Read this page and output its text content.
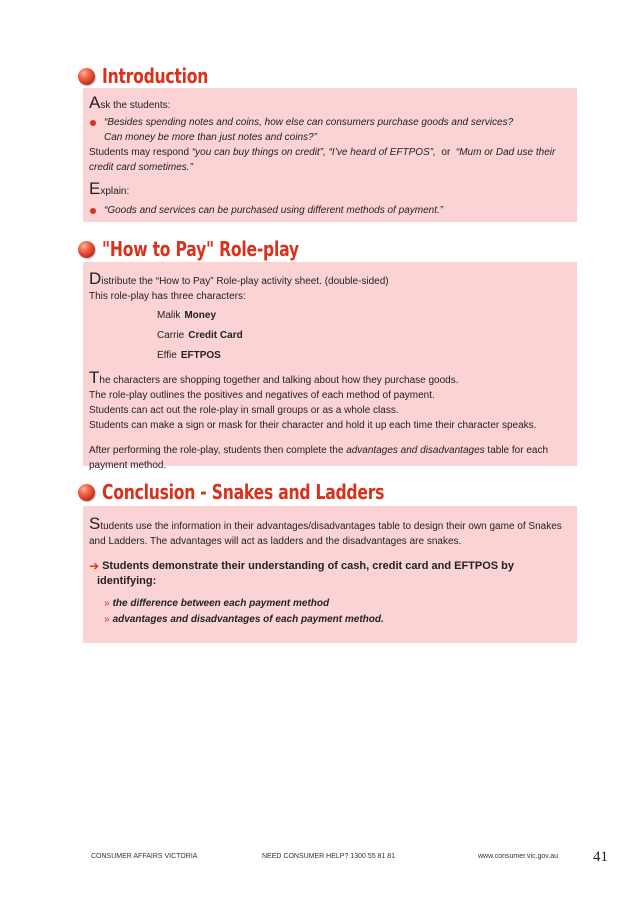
Introduction
Ask the students:
“Besides spending notes and coins, how else can consumers purchase goods and services?
Can money be more than just notes and coins?”
Students may respond “you can buy things on credit”, “I’ve heard of EFTPOS”,  or  “Mum or Dad use their
credit card sometimes.”
Explain:
“Goods and services can be purchased using different methods of payment.”
"How to Pay" Role-play
Distribute the “How to Pay” Role-play activity sheet. (double-sided)
This role-play has three characters:
Malik Money
Carrie Credit Card
Effie EFTPOS
The characters are shopping together and talking about how they purchase goods.
The role-play outlines the positives and negatives of each method of payment.
Students can act out the role-play in small groups or as a whole class.
Students can make a sign or mask for their character and hold it up each time their character speaks.
After performing the role-play, students then complete the advantages and disadvantages table for each payment method.
Conclusion - Snakes and Ladders
Students use the information in their advantages/disadvantages table to design their own game of Snakes
and Ladders. The advantages will act as ladders and the disadvantages are snakes.
➔ Students demonstrate their understanding of cash, credit card and EFTPOS by
identifying:
» the difference between each payment method
» advantages and disadvantages of each payment method.
CONSUMER AFFAIRS VICTORIA	NEED CONSUMER HELP? 1300 55 81 81	www.consumer.vic.gov.au 41
